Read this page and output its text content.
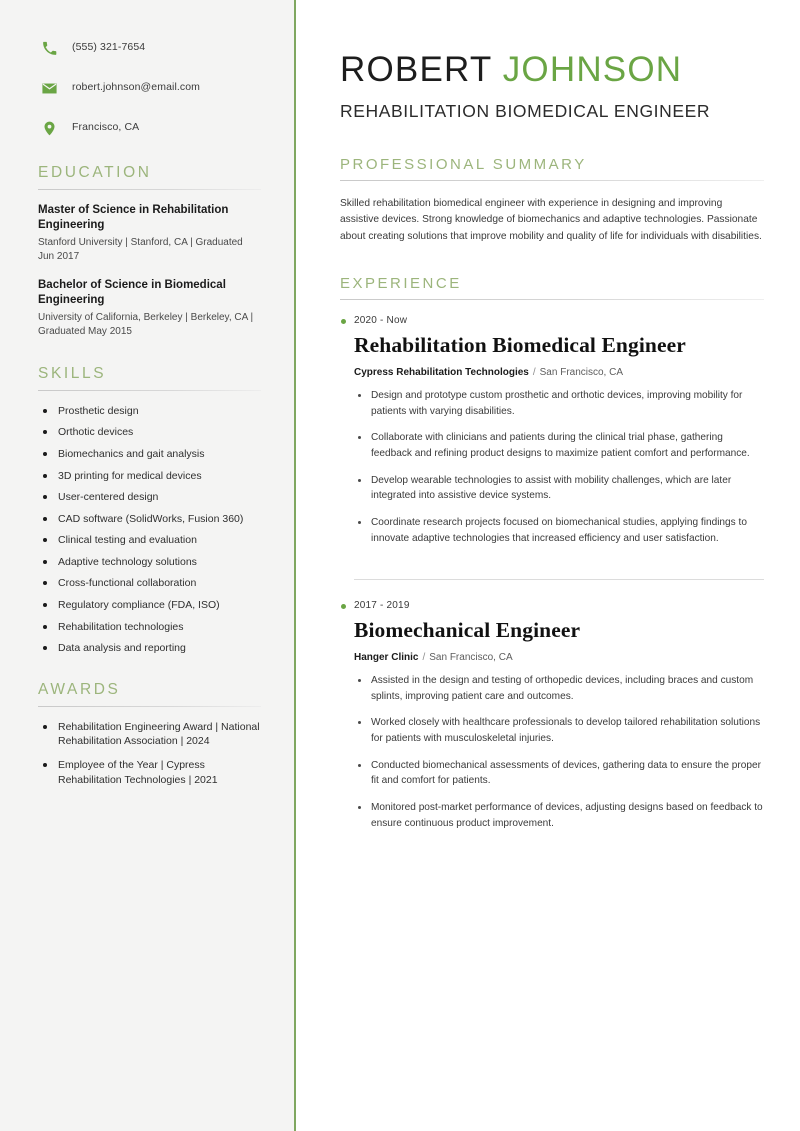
(555) 321-7654
robert.johnson@email.com
Francisco, CA
EDUCATION
Master of Science in Rehabilitation Engineering
Stanford University | Stanford, CA | Graduated Jun 2017
Bachelor of Science in Biomedical Engineering
University of California, Berkeley | Berkeley, CA | Graduated May 2015
SKILLS
Prosthetic design
Orthotic devices
Biomechanics and gait analysis
3D printing for medical devices
User-centered design
CAD software (SolidWorks, Fusion 360)
Clinical testing and evaluation
Adaptive technology solutions
Cross-functional collaboration
Regulatory compliance (FDA, ISO)
Rehabilitation technologies
Data analysis and reporting
AWARDS
Rehabilitation Engineering Award | National Rehabilitation Association | 2024
Employee of the Year | Cypress Rehabilitation Technologies | 2021
ROBERT JOHNSON
REHABILITATION BIOMEDICAL ENGINEER
PROFESSIONAL SUMMARY

Skilled rehabilitation biomedical engineer with experience in designing and improving assistive devices. Strong knowledge of biomechanics and adaptive technologies. Passionate about creating solutions that improve mobility and quality of life for individuals with disabilities.

EXPERIENCE
2020 - Now
Rehabilitation Biomedical Engineer
Cypress Rehabilitation Technologies / San Francisco, CA
Design and prototype custom prosthetic and orthotic devices, improving mobility for patients with varying disabilities.
Collaborate with clinicians and patients during the clinical trial phase, gathering feedback and refining product designs to maximize patient comfort and performance.
Develop wearable technologies to assist with mobility challenges, which are later integrated into assistive device systems.
Coordinate research projects focused on biomechanical studies, applying findings to innovate adaptive technologies that increased efficiency and user satisfaction.
2017 - 2019
Biomechanical Engineer
Hanger Clinic / San Francisco, CA
Assisted in the design and testing of orthopedic devices, including braces and custom splints, improving patient care and outcomes.
Worked closely with healthcare professionals to develop tailored rehabilitation solutions for patients with musculoskeletal injuries.
Conducted biomechanical assessments of devices, gathering data to ensure the proper fit and comfort for patients.
Monitored post-market performance of devices, adjusting designs based on feedback to ensure continuous product improvement.
